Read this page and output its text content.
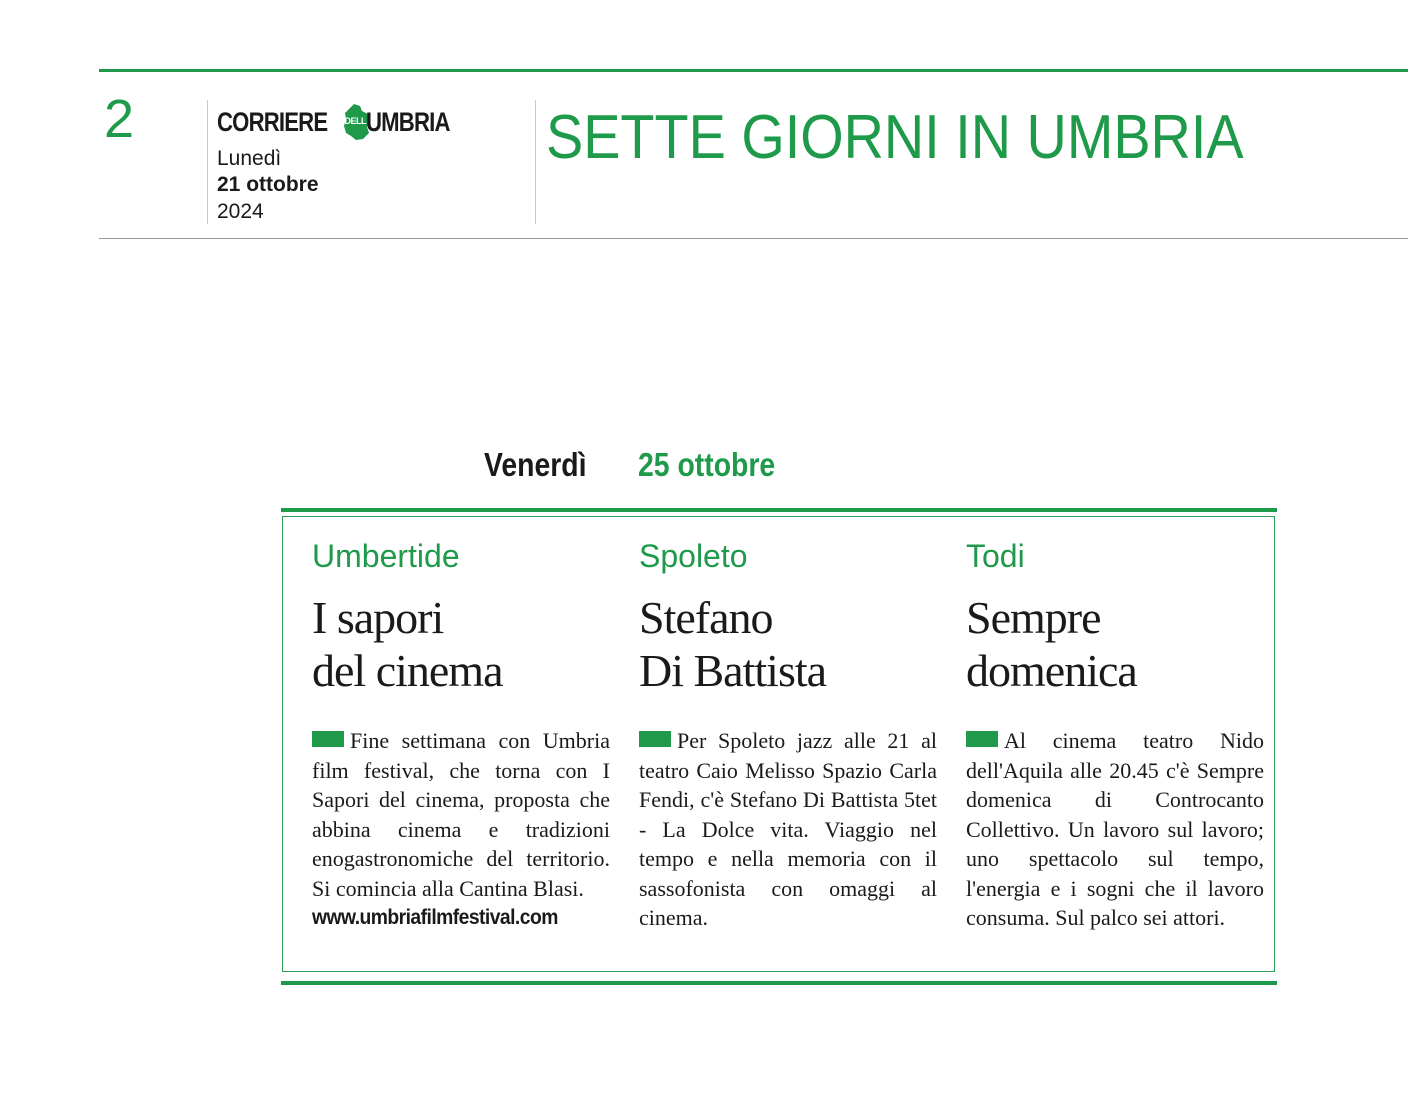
2	CORRIERE DELL UMBRIA
Lunedì
21 ottobre
2024
SETTE GIORNI IN UMBRIA
Venerdì 25 ottobre
Umbertide
I sapori
del cinema
Fine settimana con Umbria film festival, che torna con I Sapori del cinema, proposta che abbina cinema e tradizioni enogastronomiche del territorio. Si comincia alla Cantina Blasi.
www.umbriafilmfestival.com
Spoleto
Stefano
Di Battista
Per Spoleto jazz alle 21 al teatro Caio Melisso Spazio Carla Fendi, c'è Stefano Di Battista 5tet - La Dolce vita. Viaggio nel tempo e nella memoria con il sassofonista con omaggi al cinema.
Todi
Sempre
domenica
Al cinema teatro Nido dell'Aquila alle 20.45 c'è Sempre domenica di Controcanto Collettivo. Un lavoro sul lavoro; uno spettacolo sul tempo, l'energia e i sogni che il lavoro consuma. Sul palco sei attori.
